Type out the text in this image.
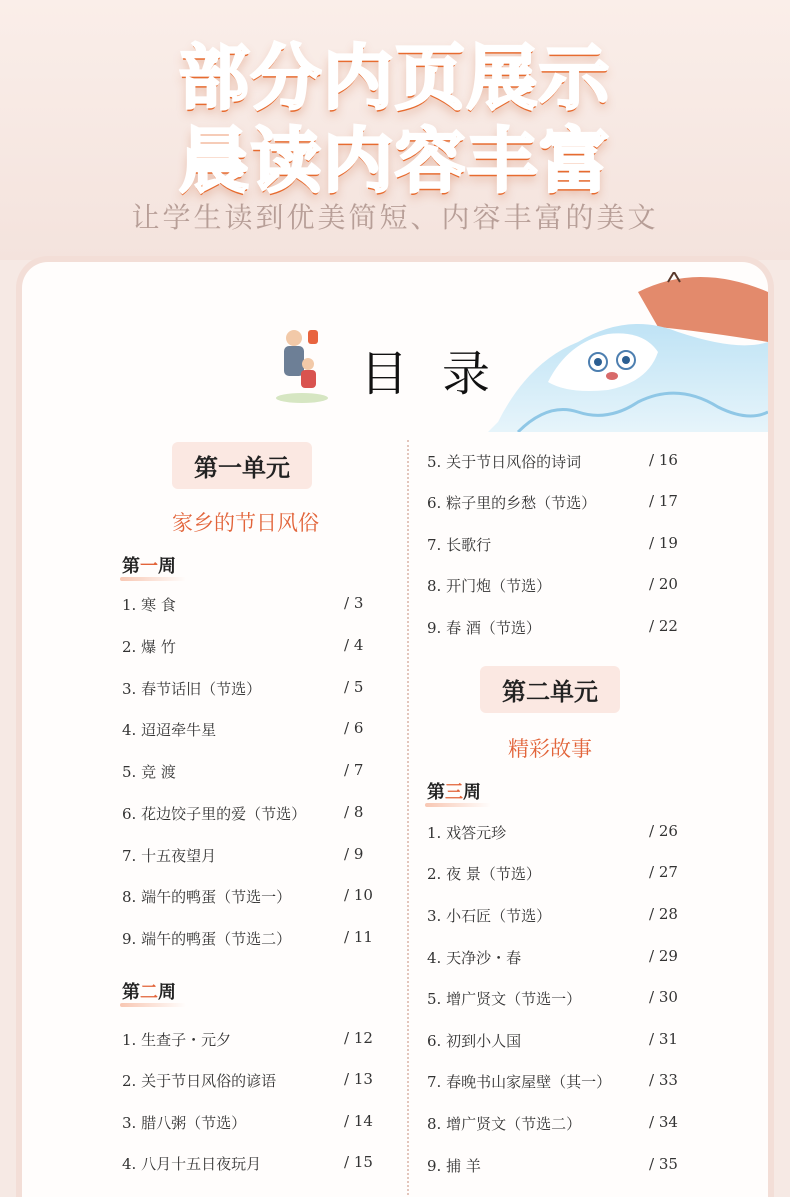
部分内页展示
晨读内容丰富
让学生读到优美简短、内容丰富的美文
目录
第一单元
家乡的节日风俗
第一周
1. 寒 食	/ 3
2. 爆 竹	/ 4
3. 春节话旧（节选）	/ 5
4. 迢迢牵牛星	/ 6
5. 竞 渡	/ 7
6. 花边饺子里的爱（节选）	/ 8
7. 十五夜望月	/ 9
8. 端午的鸭蛋（节选一）	/ 10
9. 端午的鸭蛋（节选二）	/ 11
第二周
1. 生查子・元夕	/ 12
2. 关于节日风俗的谚语	/ 13
3. 腊八粥（节选）	/ 14
4. 八月十五日夜玩月	/ 15
5. 关于节日风俗的诗词	/ 16
6. 粽子里的乡愁（节选）	/ 17
7. 长歌行	/ 19
8. 开门炮（节选）	/ 20
9. 春 酒（节选）	/ 22
第二单元
精彩故事
第三周
1. 戏答元珍	/ 26
2. 夜 景（节选）	/ 27
3. 小石匠（节选）	/ 28
4. 天净沙・春	/ 29
5. 增广贤文（节选一）	/ 30
6. 初到小人国	/ 31
7. 春晚书山家屋壁（其一）	/ 33
8. 增广贤文（节选二）	/ 34
9. 捕 羊	/ 35
